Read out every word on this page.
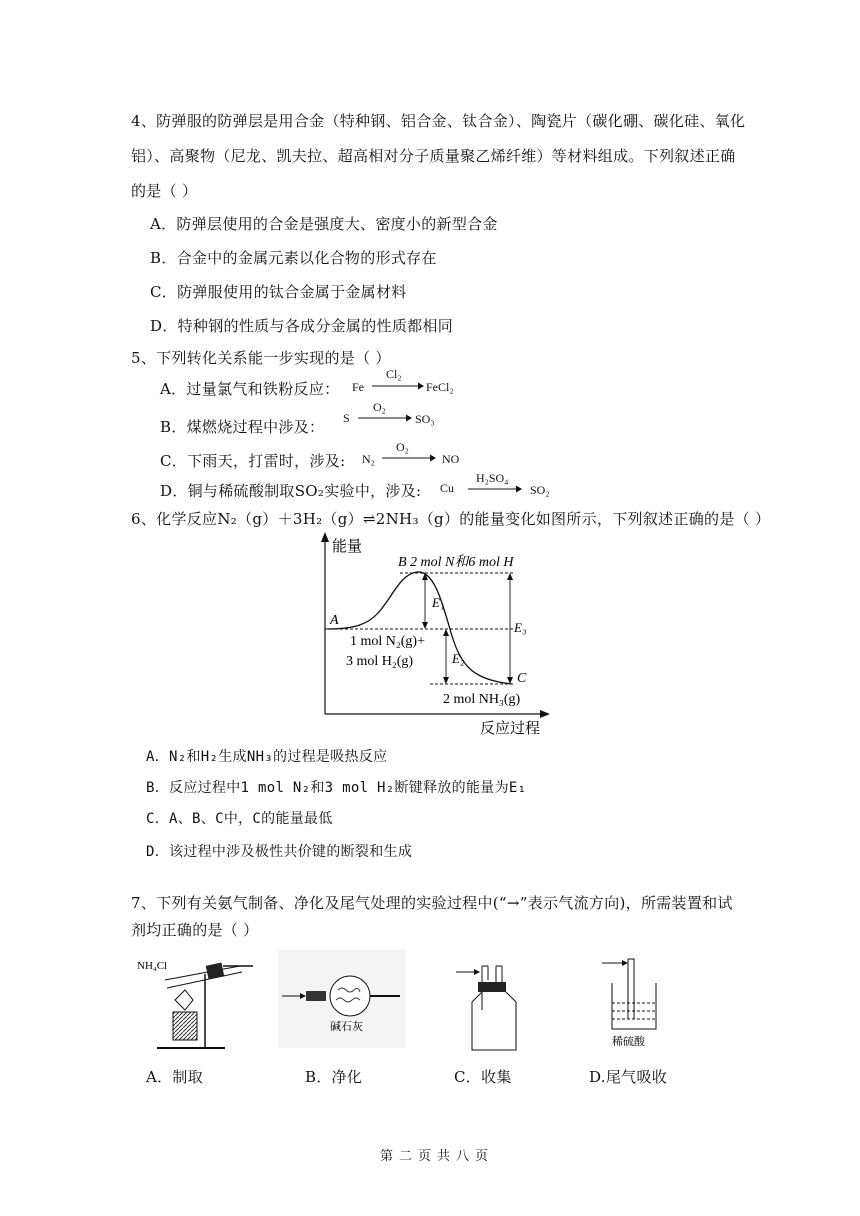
4、防弹服的防弹层是用合金（特种钢、铝合金、钛合金）、陶瓷片（碳化硼、碳化硅、氧化
铝）、高聚物（尼龙、凯夫拉、超高相对分子质量聚乙烯纤维）等材料组成。下列叙述正确
的是（ ）
A．防弹层使用的合金是强度大、密度小的新型合金
B．合金中的金属元素以化合物的形式存在
C．防弹服使用的钛合金属于金属材料
D．特种钢的性质与各成分金属的性质都相同
5、下列转化关系能一步实现的是（ ）
A．过量氯气和铁粉反应： Fe
Cl₂
→ FeCl₂
B．煤燃烧过程中涉及： S
O₂
→ SO₃
C．下雨天，打雷时，涉及: N₂
O₂
→ NO
D．铜与稀硫酸制取SO₂实验中，涉及: Cu
H₂SO₄
→ SO₂
6、化学反应N₂（g）＋3H₂（g）⇌2NH₃（g）的能量变化如图所示，下列叙述正确的是（ ）
能量
反应过程
B 2 mol N和6 mol H
A
C
E₁
E₂
E₃
1 mol N₂(g)+
3 mol H₂(g)
2 mol NH₃(g)
A．N₂和H₂生成NH₃的过程是吸热反应
B．反应过程中1 mol N₂和3 mol H₂断键释放的能量为E₁
C．A、B、C中，C的能量最低
D．该过程中涉及极性共价键的断裂和生成
7、下列有关氨气制备、净化及尾气处理的实验过程中(“→”表示气流方向)，所需装置和试
剂均正确的是（ ）
NH₄Cl
碱石灰
稀硫酸
A．制取	B．净化	C．收集	D.尾气吸收
第二页共八页
